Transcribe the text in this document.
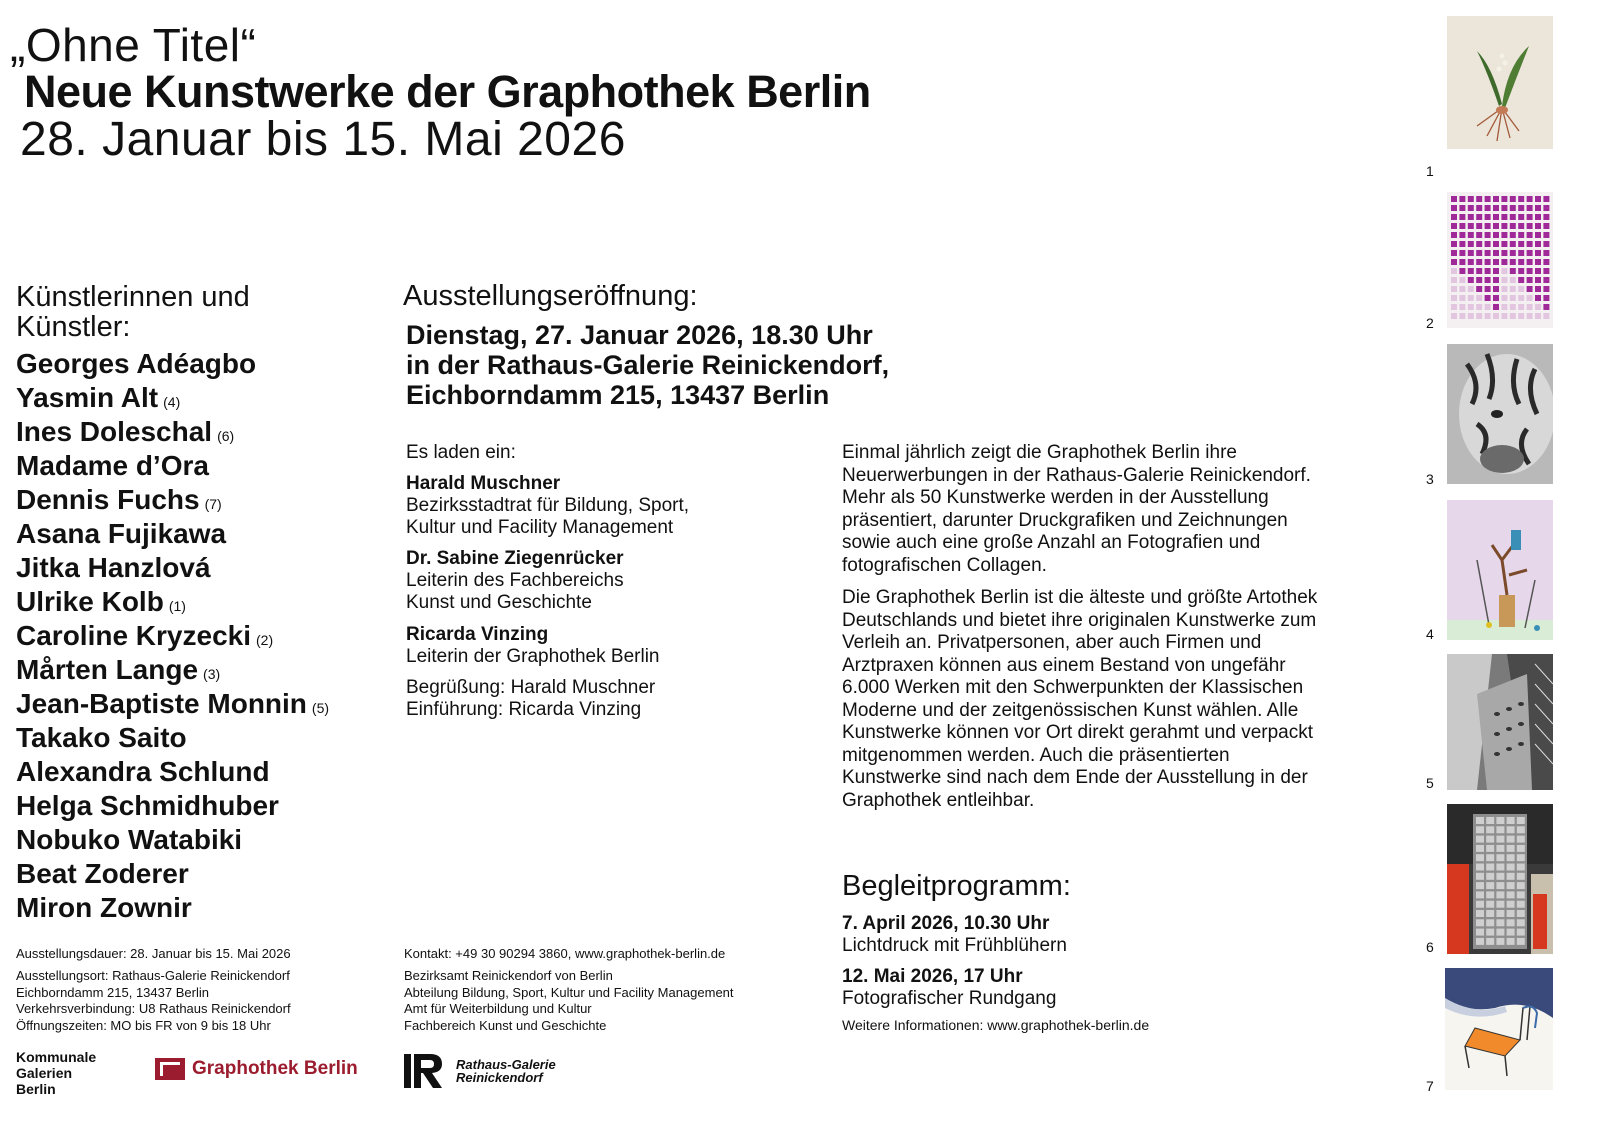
„Ohne Titel“
Neue Kunstwerke der Graphothek Berlin
28. Januar bis 15. Mai 2026
Künstlerinnen und Künstler:
Georges Adéagbo
Yasmin Alt (4)
Ines Doleschal (6)
Madame d’Ora
Dennis Fuchs (7)
Asana Fujikawa
Jitka Hanzlová
Ulrike Kolb (1)
Caroline Kryzecki (2)
Mårten Lange (3)
Jean-Baptiste Monnin (5)
Takako Saito
Alexandra Schlund
Helga Schmidhuber
Nobuko Watabiki
Beat Zoderer
Miron Zownir
Ausstellungseröffnung:
Dienstag, 27. Januar 2026, 18.30 Uhr
in der Rathaus-Galerie Reinickendorf,
Eichborndamm 215, 13437 Berlin
Es laden ein:
Harald Muschner
Bezirksstadtrat für Bildung, Sport,
Kultur und Facility Management
Dr. Sabine Ziegenrücker
Leiterin des Fachbereichs
Kunst und Geschichte
Ricarda Vinzing
Leiterin der Graphothek Berlin
Begrüßung: Harald Muschner
Einführung: Ricarda Vinzing

Einmal jährlich zeigt die Graphothek Berlin ihre Neuerwerbungen in der Rathaus-Galerie Reinickendorf. Mehr als 50 Kunstwerke werden in der Ausstellung präsentiert, darunter Druckgrafiken und Zeichnungen sowie auch eine große Anzahl an Fotografien und fotografischen Collagen.

Die Graphothek Berlin ist die älteste und größte Artothek Deutschlands und bietet ihre originalen Kunstwerke zum Verleih an. Privatpersonen, aber auch Firmen und Arztpraxen können aus einem Bestand von ungefähr 6.000 Werken mit den Schwerpunkten der Klassischen Moderne und der zeitgenössischen Kunst wählen. Alle Kunstwerke können vor Ort direkt gerahmt und verpackt mitgenommen werden. Auch die präsentierten Kunstwerke sind nach dem Ende der Ausstellung in der Graphothek entleihbar.

Begleitprogramm:
7. April 2026, 10.30 Uhr
Lichtdruck mit Frühblühern
12. Mai 2026, 17 Uhr
Fotografischer Rundgang
Weitere Informationen: www.graphothek-berlin.de
Ausstellungsdauer: 28. Januar bis 15. Mai 2026
Ausstellungsort: Rathaus-Galerie Reinickendorf
Eichborndamm 215, 13437 Berlin
Verkehrsverbindung: U8 Rathaus Reinickendorf
Öffnungszeiten: MO bis FR von 9 bis 18 Uhr
Kontakt: +49 30 90294 3860, www.graphothek-berlin.de
Bezirksamt Reinickendorf von Berlin
Abteilung Bildung, Sport, Kultur und Facility Management
Amt für Weiterbildung und Kultur
Fachbereich Kunst und Geschichte
Kommunale
Galerien
Berlin
Graphothek Berlin	Rathaus-Galerie
Reinickendorf
1
2
3
4
5
6
7
